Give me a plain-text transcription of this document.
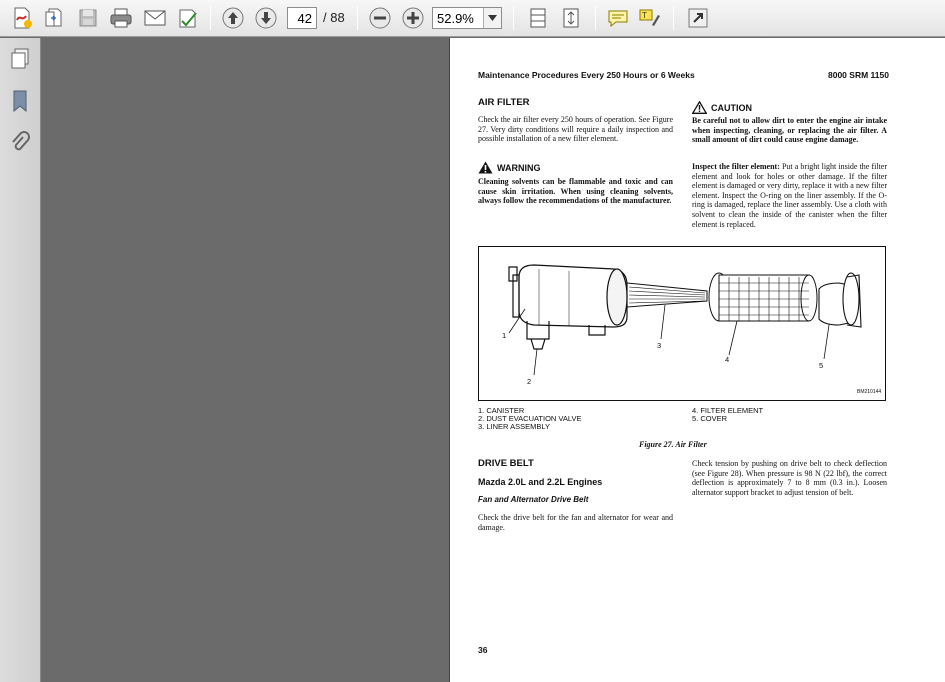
42
/ 88
52.9%	T
Maintenance Procedures Every 250 Hours or 6 Weeks	8000 SRM 1150
AIR FILTER
Check the air filter every 250 hours of operation. See Figure 27. Very dirty conditions will require a daily inspection and possible installation of a new filter element.
WARNING
Cleaning solvents can be flammable and toxic and can cause skin irritation. When using cleaning solvents, always follow the recommendations of the manufacturer.
CAUTION
Be careful not to allow dirt to enter the engine air intake when inspecting, cleaning, or replacing the air filter. A small amount of dirt could cause engine damage.
Inspect the filter element: Put a bright light inside the filter element and look for holes or other damage. If the filter element is damaged or very dirty, replace it with a new filter element. Inspect the O-ring on the liner assembly. If the O-ring is damaged, replace the liner assembly. Use a cloth with solvent to clean the inside of the canister when the filter element is replaced.
1
2
3
4
5
BM210144
1. CANISTER
2. DUST EVACUATION VALVE
3. LINER ASSEMBLY
4. FILTER ELEMENT
5. COVER
Figure 27. Air Filter
DRIVE BELT
Mazda 2.0L and 2.2L Engines
Fan and Alternator Drive Belt
Check the drive belt for the fan and alternator for wear and damage.
Check tension by pushing on drive belt to check deflection (see Figure 28). When pressure is 98 N (22 lbf), the correct deflection is approximately 7 to 8 mm (0.3 in.). Loosen alternator support bracket to adjust tension of belt.
36
